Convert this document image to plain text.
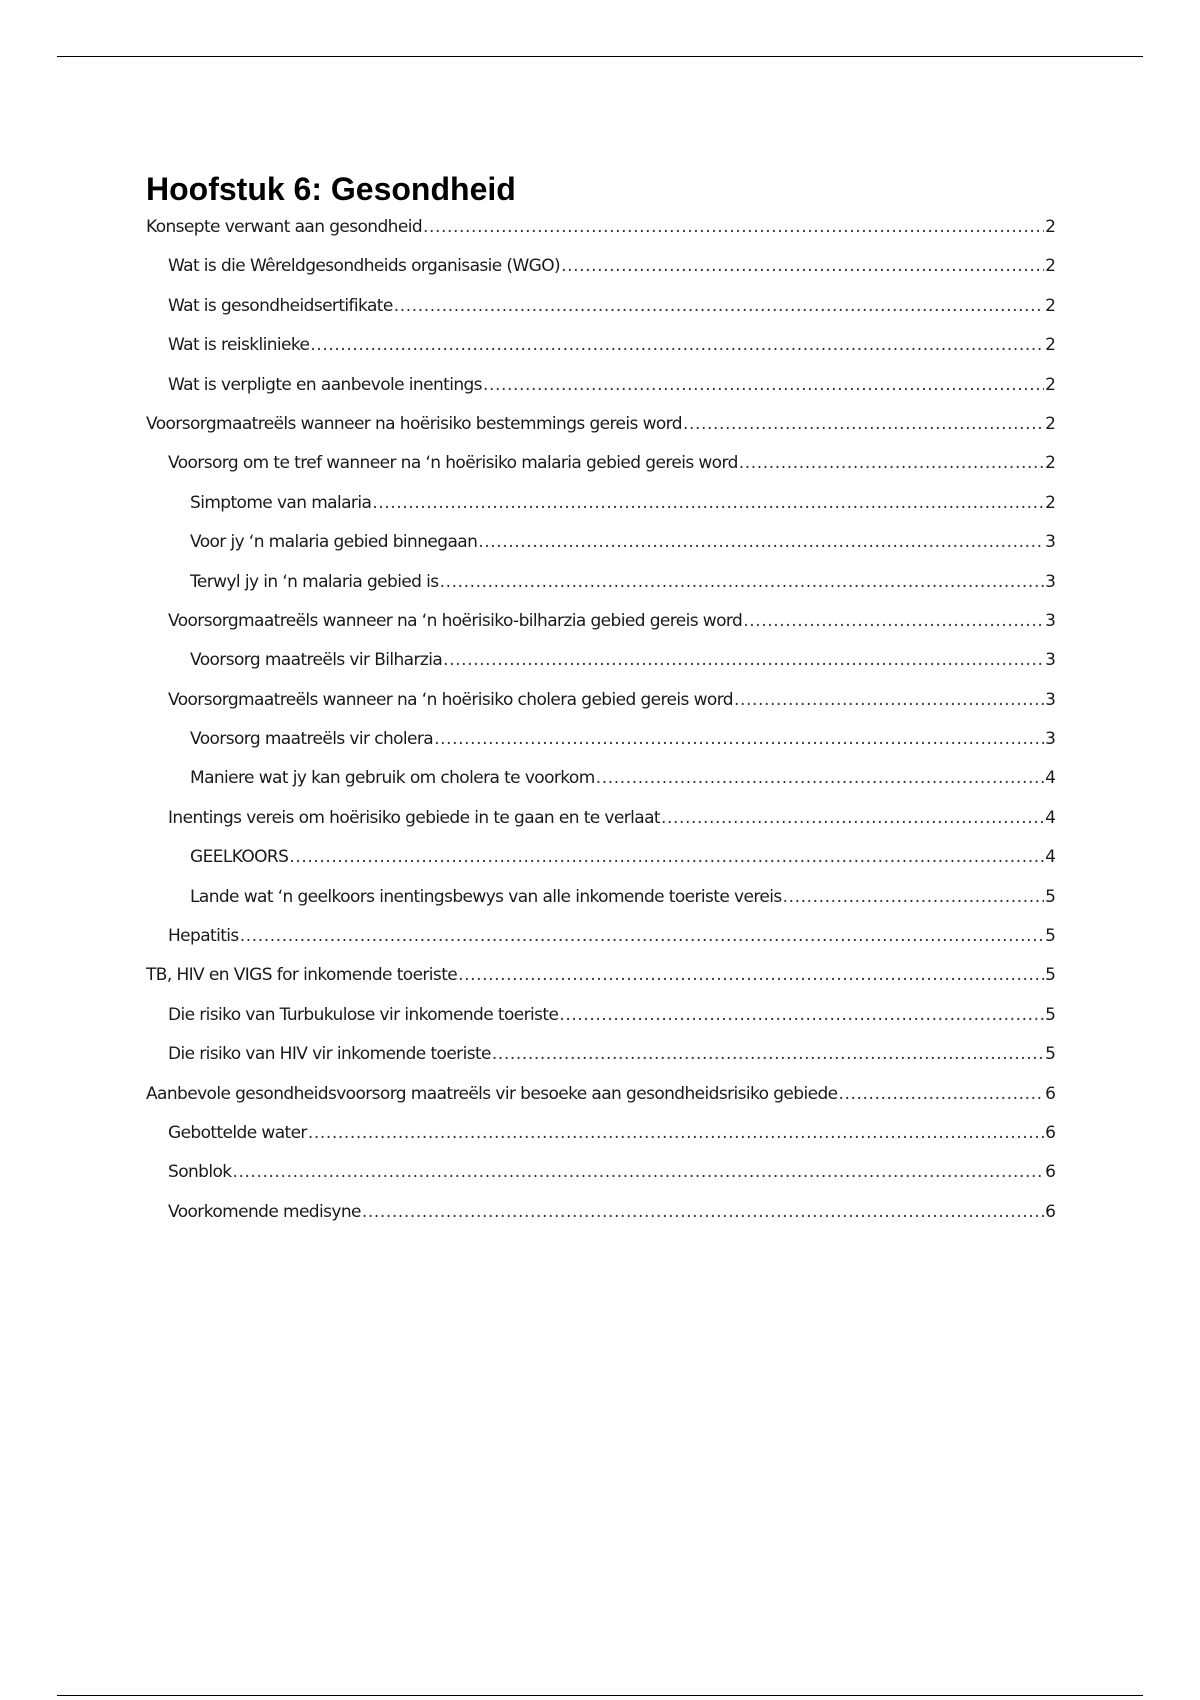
Hoofstuk 6: Gesondheid
Konsepte verwant aan gesondheid .....	2
Wat is die Wêreldgesondheids organisasie (WGO) .....	2
Wat is gesondheidsertifikate .....	2
Wat is reisklinieke .....	2
Wat is verpligte en aanbevole inentings .....	2
Voorsorgmaatreëls wanneer na hoërisiko bestemmings gereis word .....	2
Voorsorg om te tref wanneer na ‘n hoërisiko malaria gebied gereis word .....	2
Simptome van malaria .....	2
Voor jy ‘n malaria gebied binnegaan .....	3
Terwyl jy in ‘n malaria gebied is .....	3
Voorsorgmaatreëls wanneer na ‘n hoërisiko-bilharzia gebied gereis word .....	3
Voorsorg maatreëls vir Bilharzia .....	3
Voorsorgmaatreëls wanneer na ‘n hoërisiko cholera gebied gereis word .....	3
Voorsorg maatreëls vir cholera .....	3
Maniere wat jy kan gebruik om cholera te voorkom .....	4
Inentings vereis om hoërisiko gebiede in te gaan en te verlaat .....	4
GEELKOORS .....	4
Lande wat ‘n geelkoors inentingsbewys van alle inkomende toeriste vereis .....	5
Hepatitis .....	5
TB, HIV en VIGS for inkomende toeriste .....	5
Die risiko van Turbukulose vir inkomende toeriste .....	5
Die risiko van HIV vir inkomende toeriste .....	5
Aanbevole gesondheidsvoorsorg maatreëls vir besoeke aan gesondheidsrisiko gebiede .....	6
Gebottelde water .....	6
Sonblok .....	6
Voorkomende medisyne .....	6
